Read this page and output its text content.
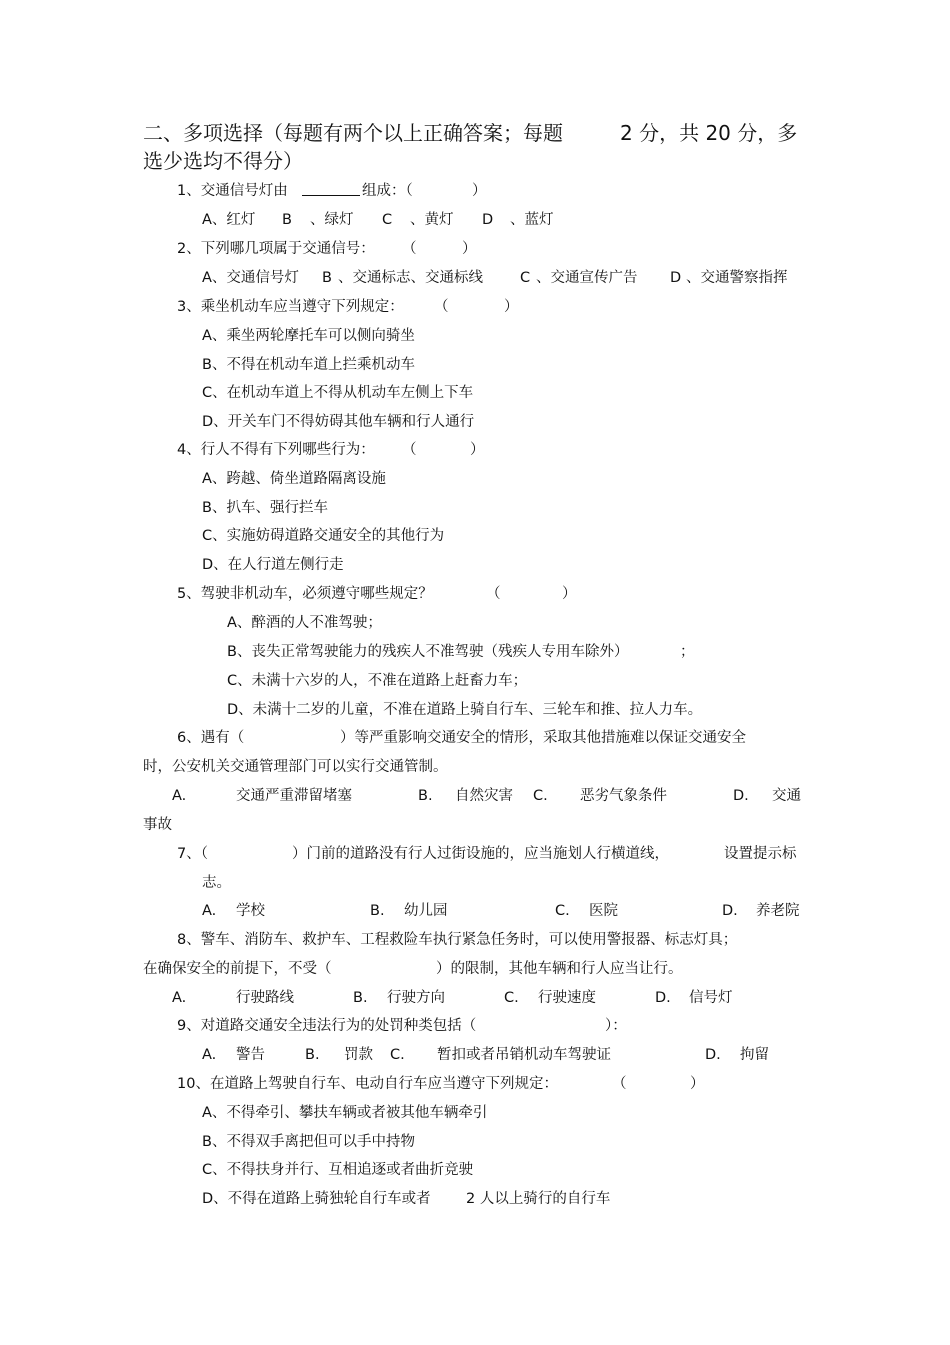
二、多项选择（每题有两个以上正确答案；每题	2 分，共 20 分，多
选少选均不得分）
1、交通信号灯由	组成：（	）
A、红灯 B 、绿灯 C 、黄灯 D 、蓝灯
2、下列哪几项属于交通信号： （	）
A、交通信号灯 B 、交通标志、交通标线	C 、交通宣传广告 D 、交通警察指挥
3、乘坐机动车应当遵守下列规定： （	）
A、乘坐两轮摩托车可以侧向骑坐
B、不得在机动车道上拦乘机动车
C、在机动车道上不得从机动车左侧上下车
D、开关车门不得妨碍其他车辆和行人通行
4、行人不得有下列哪些行为： （	）
A、跨越、倚坐道路隔离设施
B、扒车、强行拦车
C、实施妨碍道路交通安全的其他行为
D、在人行道左侧行走
5、驾驶非机动车，必须遵守哪些规定？	（	）
A、醉酒的人不准驾驶；
B、丧失正常驾驶能力的残疾人不准驾驶（残疾人专用车除外）	；
C、未满十六岁的人，不准在道路上赶畜力车；
D、未满十二岁的儿童，不准在道路上骑自行车、三轮车和推、拉人力车。
6、遇有（	）等严重影响交通安全的情形，采取其他措施难以保证交通安全
时，公安机关交通管理部门可以实行交通管制。
A.	交通严重滞留堵塞	B. 自然灾害 C. 恶劣气象条件	D. 交通
事故
7、（	）门前的道路没有行人过街设施的，应当施划人行横道线，	设置提示标
志。
A. 学校	B. 幼儿园	C. 医院	D. 养老院
8、警车、消防车、救护车、工程救险车执行紧急任务时，可以使用警报器、标志灯具；
在确保安全的前提下，不受（	）的限制，其他车辆和行人应当让行。
A.	行驶路线	B. 行驶方向	C. 行驶速度	D. 信号灯
9、对道路交通安全违法行为的处罚种类包括（	）：
A. 警告	B. 罚款 C. 暂扣或者吊销机动车驾驶证	D. 拘留
10、在道路上驾驶自行车、电动自行车应当遵守下列规定：	（	）
A、不得牵引、攀扶车辆或者被其他车辆牵引
B、不得双手离把但可以手中持物
C、不得扶身并行、互相追逐或者曲折竞驶
D、不得在道路上骑独轮自行车或者 2 人以上骑行的自行车
